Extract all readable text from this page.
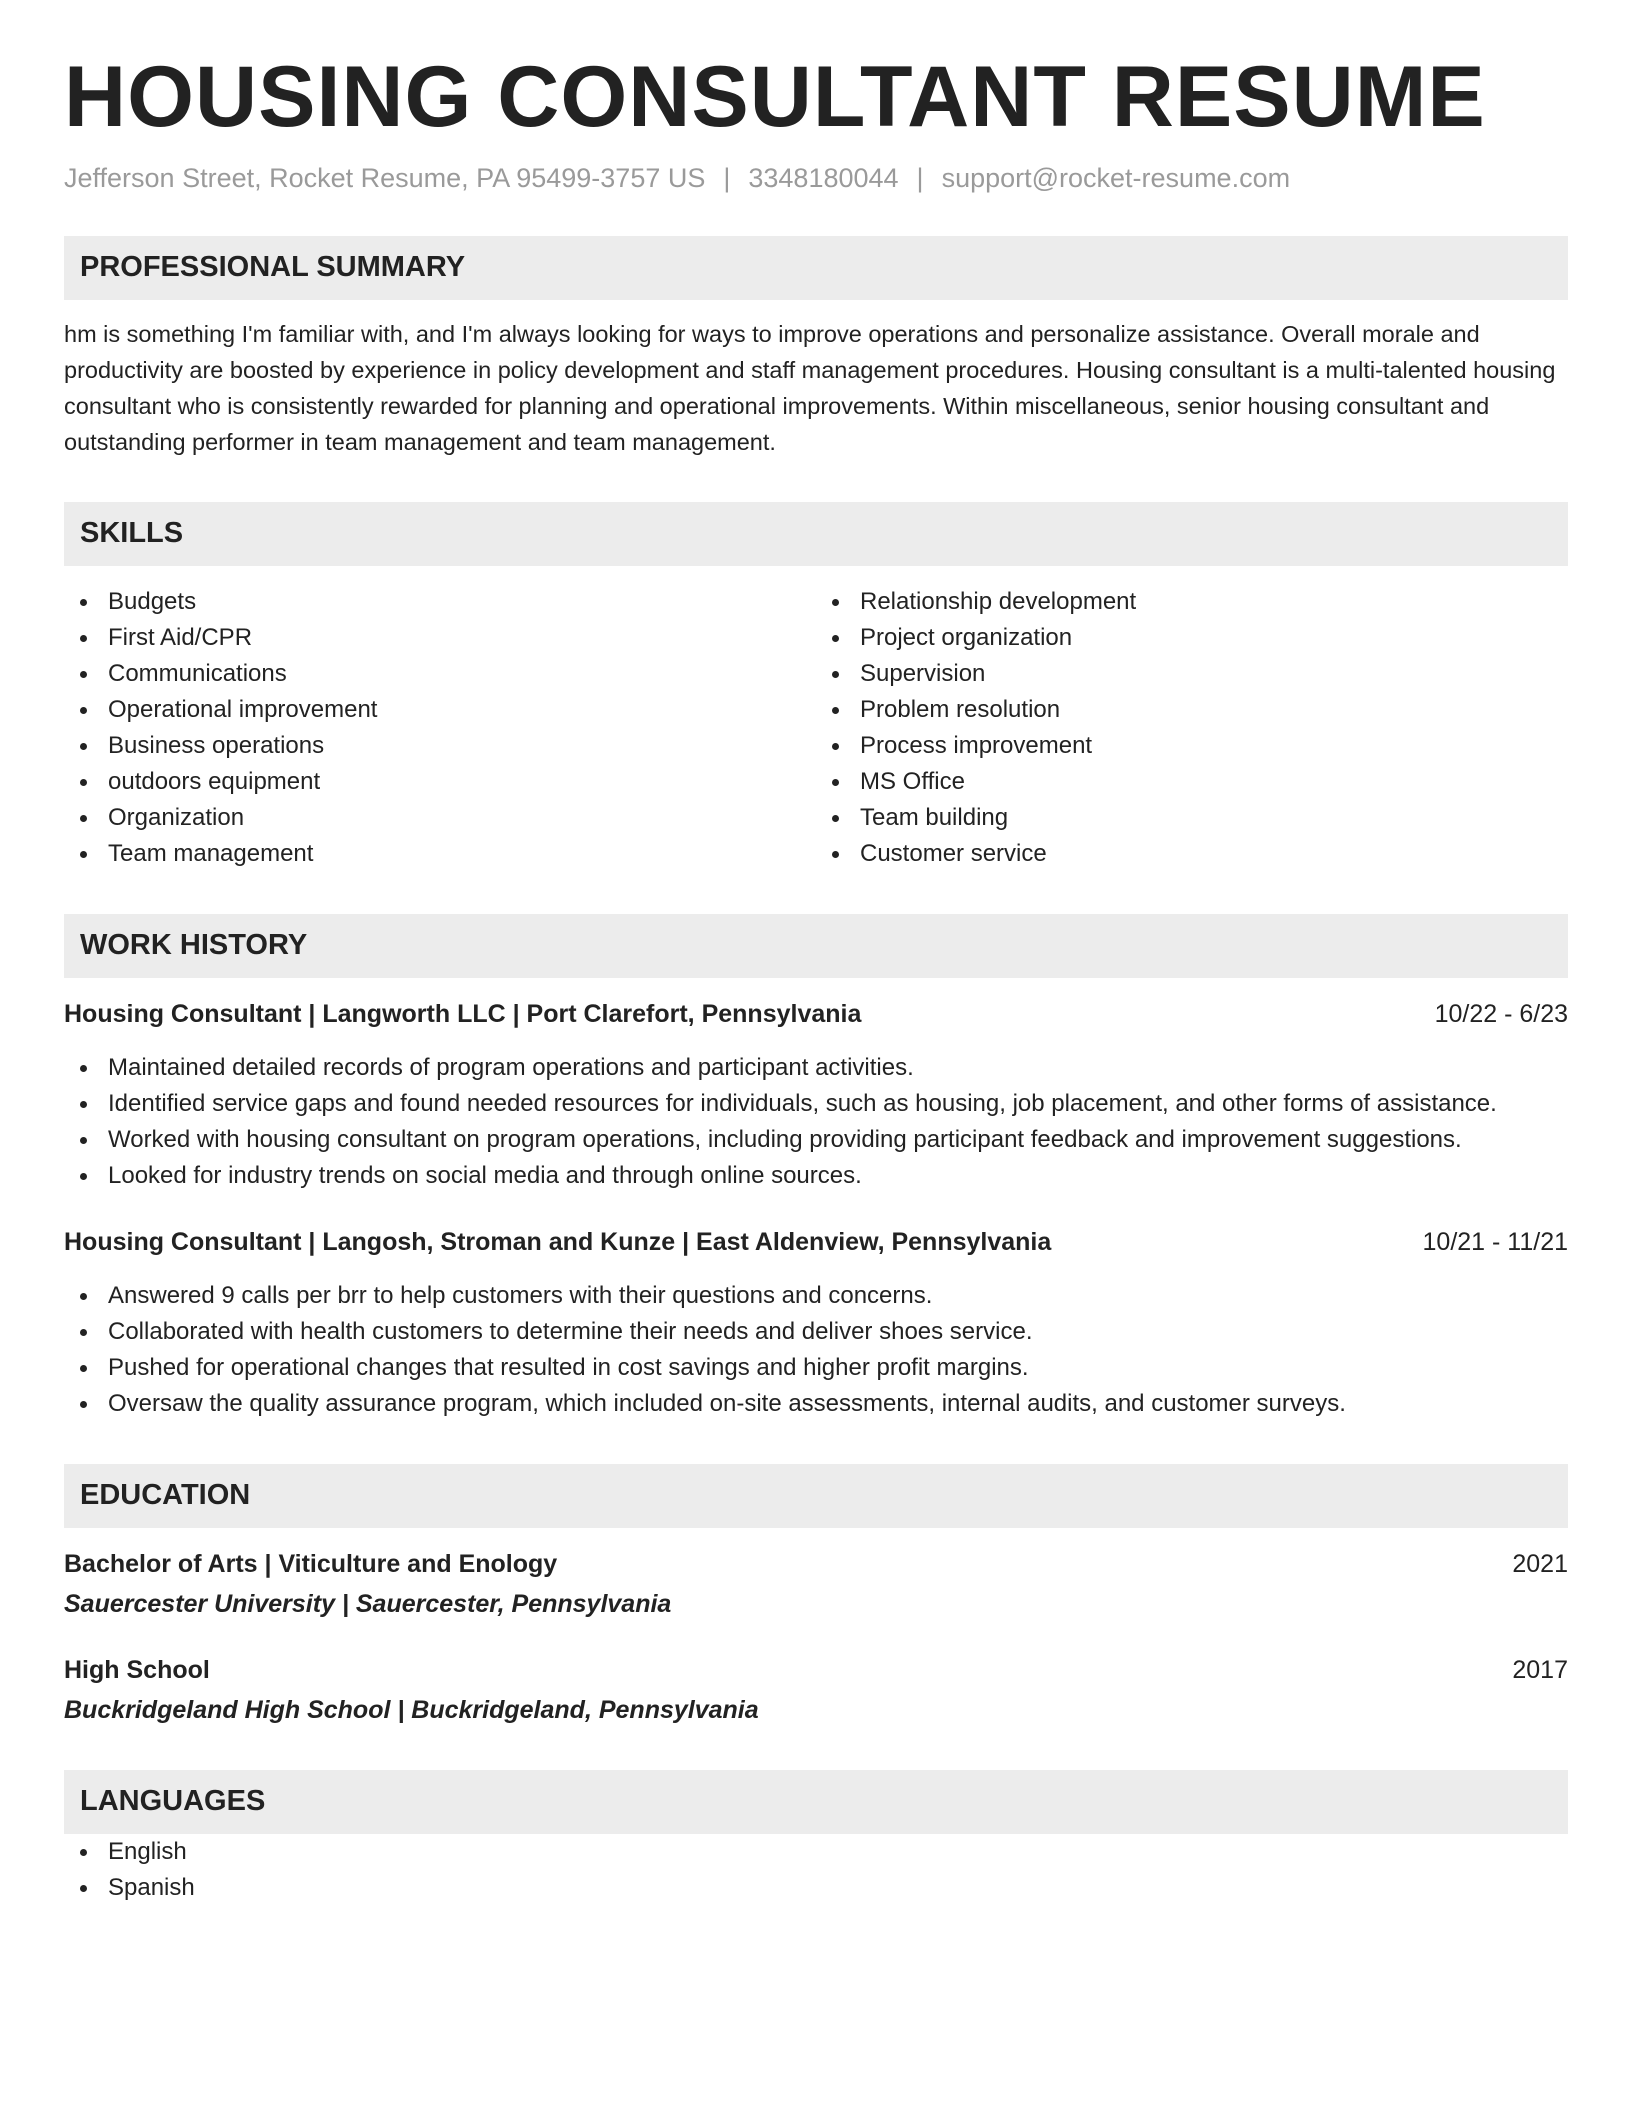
HOUSING CONSULTANT RESUME
Jefferson Street, Rocket Resume, PA 95499-3757 US | 3348180044 | support@rocket-resume.com
PROFESSIONAL SUMMARY
hm is something I'm familiar with, and I'm always looking for ways to improve operations and personalize assistance. Overall morale and productivity are boosted by experience in policy development and staff management procedures. Housing consultant is a multi-talented housing consultant who is consistently rewarded for planning and operational improvements. Within miscellaneous, senior housing consultant and outstanding performer in team management and team management.
SKILLS
Budgets
First Aid/CPR
Communications
Operational improvement
Business operations
outdoors equipment
Organization
Team management
Relationship development
Project organization
Supervision
Problem resolution
Process improvement
MS Office
Team building
Customer service
WORK HISTORY
Housing Consultant | Langworth LLC | Port Clarefort, Pennsylvania	10/22 - 6/23
Maintained detailed records of program operations and participant activities.
Identified service gaps and found needed resources for individuals, such as housing, job placement, and other forms of assistance.
Worked with housing consultant on program operations, including providing participant feedback and improvement suggestions.
Looked for industry trends on social media and through online sources.
Housing Consultant | Langosh, Stroman and Kunze | East Aldenview, Pennsylvania	10/21 - 11/21
Answered 9 calls per brr to help customers with their questions and concerns.
Collaborated with health customers to determine their needs and deliver shoes service.
Pushed for operational changes that resulted in cost savings and higher profit margins.
Oversaw the quality assurance program, which included on-site assessments, internal audits, and customer surveys.
EDUCATION
Bachelor of Arts | Viticulture and Enology	2021
Sauercester University | Sauercester, Pennsylvania
High School	2017
Buckridgeland High School | Buckridgeland, Pennsylvania
LANGUAGES
English
Spanish
